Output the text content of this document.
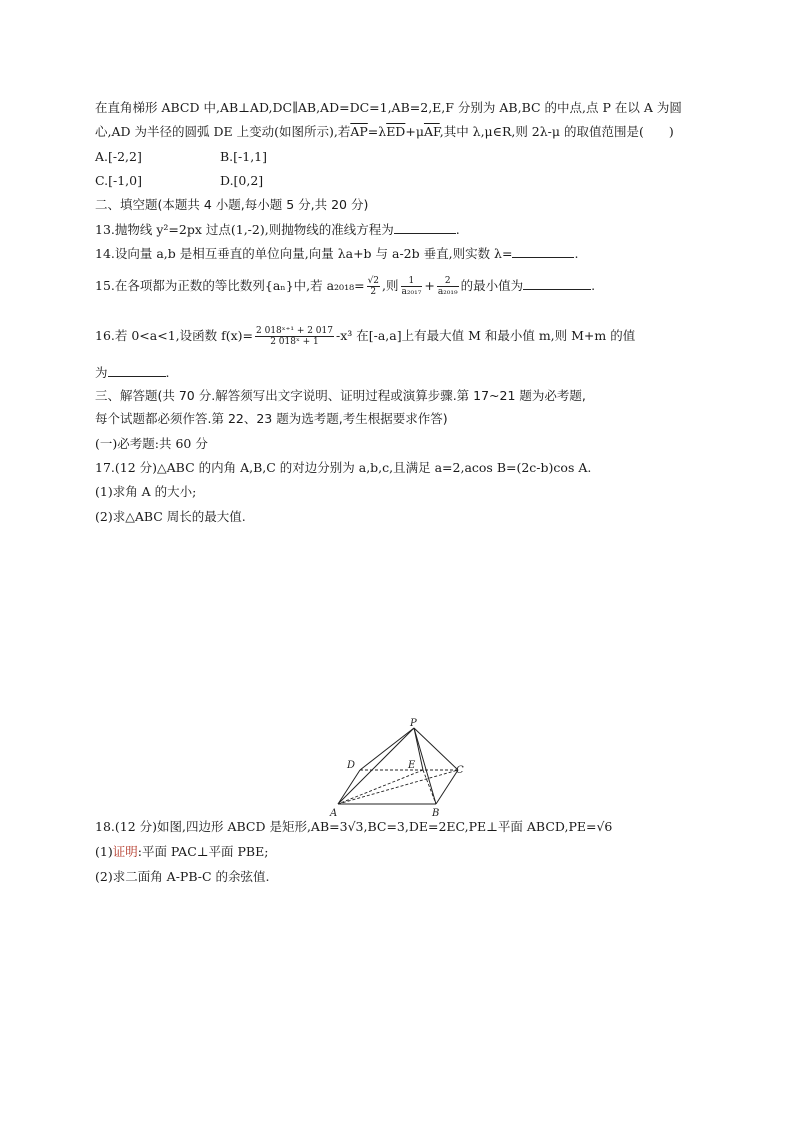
在直角梯形 ABCD 中,AB⊥AD,DC∥AB,AD=DC=1,AB=2,E,F 分别为 AB,BC 的中点,点 P 在以 A 为圆
心,AD 为半径的圆弧 DE 上变动(如图所示),若$\overline{AP}=\lambda\overline{ED}+\mu\overline{AF}$,其中 λ,μ∈R,则 2λ-μ 的取值范围是(　　)
A.[-2,2]	B.[-1,1]
C.[-1,0]	D.[0,2]
二、填空题(本题共 4 小题,每小题 5 分,共 20 分)
13.抛物线 y²=2px 过点(1,-2),则抛物线的准线方程为	.
14.设向量 a,b 是相互垂直的单位向量,向量 λa+b 与 a-2b 垂直,则实数 λ=	.
15.在各项都为正数的等比数列{aₙ}中,若 $a_{2018}= \frac{√2}{2}$ ,则 $\frac{1}{\text{a₂₀₁₇}} + \frac{2}{\text{a₂₀₁₉}}$ 的最小值为	.
16.若 0<a<1,设函数 $f(x)= \frac{\text{2 018ˣ⁺¹ + 2 017}}{\text{2 018ˣ + 1}} -x^3$ 在[-a,a]上有最大值 M 和最小值 m,则 M+m 的值
为	.
三、解答题(共 70 分.解答须写出文字说明、证明过程或演算步骤.第 17~21 题为必考题,
每个试题都必须作答.第 22、23 题为选考题,考生根据要求作答)
(一)必考题:共 60 分
17.(12 分)△ABC 的内角 A,B,C 的对边分别为 a,b,c,且满足 a=2,acos B=(2c-b)cos A.
(1)求角 A 的大小;
(2)求△ABC 周长的最大值.
P
D	E	C
A	B
18.(12 分)如图,四边形 ABCD 是矩形,AB=3√3,BC=3,DE=2EC,PE⊥平面 ABCD,PE=√6
(1)证明:平面 PAC⊥平面 PBE;
(2)求二面角 A-PB-C 的余弦值.
